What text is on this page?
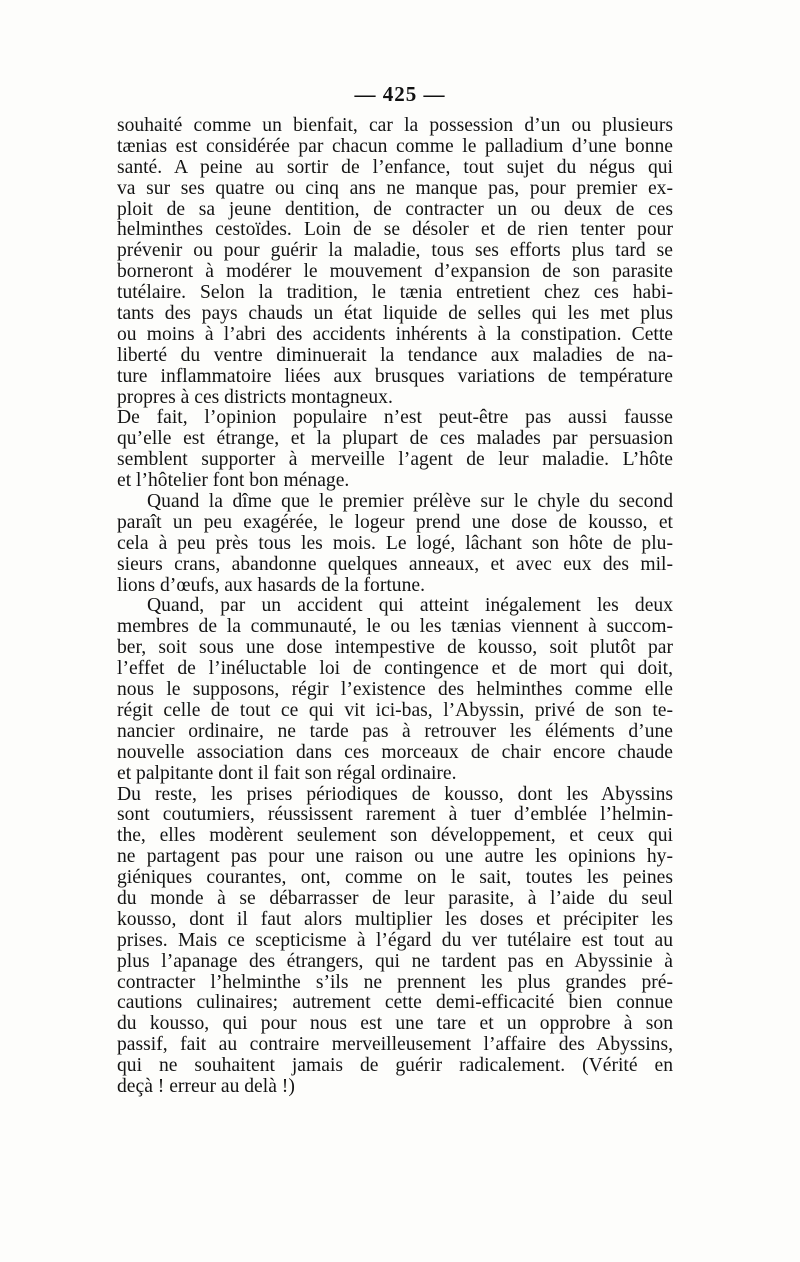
— 425 —
souhaité comme un bienfait, car la possession d’un ou plusieurs
tænias est considérée par chacun comme le palladium d’une bonne
santé. A peine au sortir de l’enfance, tout sujet du négus qui
va sur ses quatre ou cinq ans ne manque pas, pour premier ex-
ploit de sa jeune dentition, de contracter un ou deux de ces
helminthes cestoïdes. Loin de se désoler et de rien tenter pour
prévenir ou pour guérir la maladie, tous ses efforts plus tard se
borneront à modérer le mouvement d’expansion de son parasite
tutélaire. Selon la tradition, le tænia entretient chez ces habi-
tants des pays chauds un état liquide de selles qui les met plus
ou moins à l’abri des accidents inhérents à la constipation. Cette
liberté du ventre diminuerait la tendance aux maladies de na-
ture inflammatoire liées aux brusques variations de température
propres à ces districts montagneux.
De fait, l’opinion populaire n’est peut-être pas aussi fausse
qu’elle est étrange, et la plupart de ces malades par persuasion
semblent supporter à merveille l’agent de leur maladie. L’hôte
et l’hôtelier font bon ménage.
Quand la dîme que le premier prélève sur le chyle du second
paraît un peu exagérée, le logeur prend une dose de kousso, et
cela à peu près tous les mois. Le logé, lâchant son hôte de plu-
sieurs crans, abandonne quelques anneaux, et avec eux des mil-
lions d’œufs, aux hasards de la fortune.
Quand, par un accident qui atteint inégalement les deux
membres de la communauté, le ou les tænias viennent à succom-
ber, soit sous une dose intempestive de kousso, soit plutôt par
l’effet de l’inéluctable loi de contingence et de mort qui doit,
nous le supposons, régir l’existence des helminthes comme elle
régit celle de tout ce qui vit ici-bas, l’Abyssin, privé de son te-
nancier ordinaire, ne tarde pas à retrouver les éléments d’une
nouvelle association dans ces morceaux de chair encore chaude
et palpitante dont il fait son régal ordinaire.
Du reste, les prises périodiques de kousso, dont les Abyssins
sont coutumiers, réussissent rarement à tuer d’emblée l’helmin-
the, elles modèrent seulement son développement, et ceux qui
ne partagent pas pour une raison ou une autre les opinions hy-
giéniques courantes, ont, comme on le sait, toutes les peines
du monde à se débarrasser de leur parasite, à l’aide du seul
kousso, dont il faut alors multiplier les doses et précipiter les
prises. Mais ce scepticisme à l’égard du ver tutélaire est tout au
plus l’apanage des étrangers, qui ne tardent pas en Abyssinie à
contracter l’helminthe s’ils ne prennent les plus grandes pré-
cautions culinaires; autrement cette demi-efficacité bien connue
du kousso, qui pour nous est une tare et un opprobre à son
passif, fait au contraire merveilleusement l’affaire des Abyssins,
qui ne souhaitent jamais de guérir radicalement. (Vérité en
deçà ! erreur au delà !)
